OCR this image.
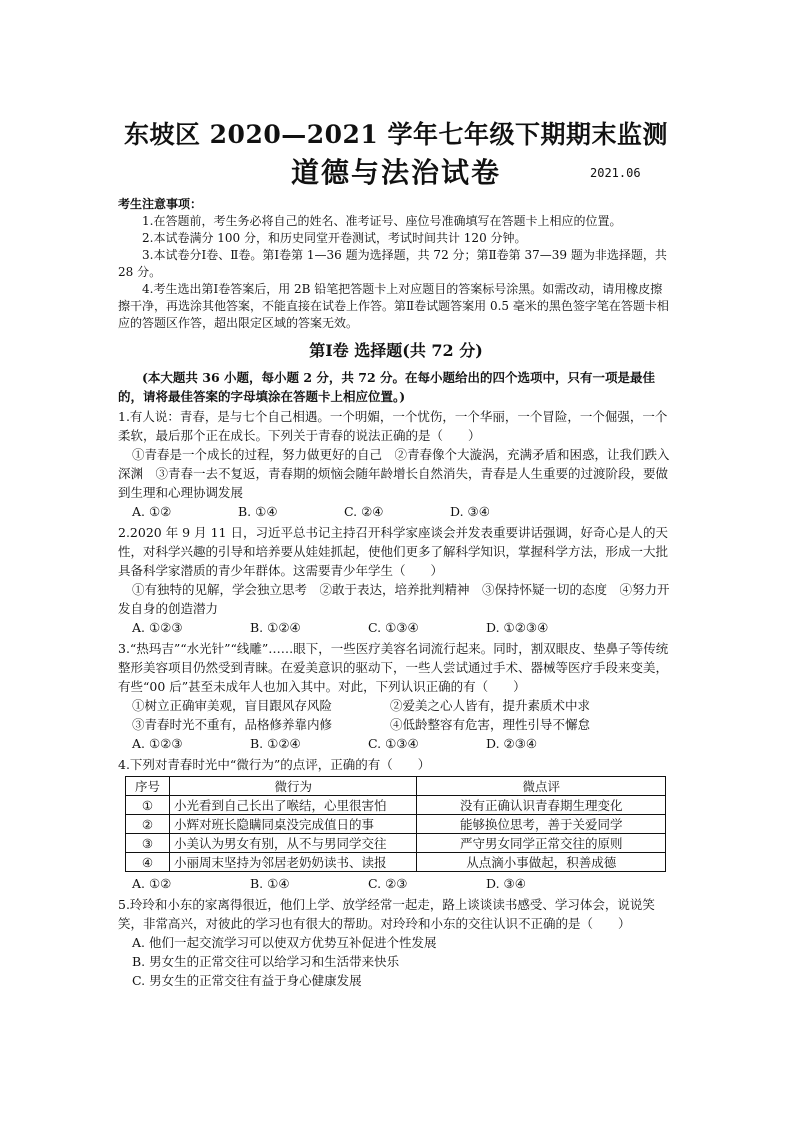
东坡区 2020—2021 学年七年级下期期末监测

道德与法治试卷	2021.06

考生注意事项：

1.在答题前，考生务必将自己的姓名、准考证号、座位号准确填写在答题卡上相应的位置。

2.本试卷满分 100 分，和历史同堂开卷测试，考试时间共计 120 分钟。

3.本试卷分Ⅰ卷、Ⅱ卷。第Ⅰ卷第 1—36 题为选择题，共 72 分；第Ⅱ卷第 37—39 题为非选择题，共 28 分。

4.考生选出第Ⅰ卷答案后，用 2B 铅笔把答题卡上对应题目的答案标号涂黑。如需改动，请用橡皮擦擦干净，再选涂其他答案，不能直接在试卷上作答。第Ⅱ卷试题答案用 0.5 毫米的黑色签字笔在答题卡相应的答题区作答，超出限定区域的答案无效。

第Ⅰ卷 选择题(共 72 分)

(本大题共 36 小题，每小题 2 分，共 72 分。在每小题给出的四个选项中，只有一项是最佳的，请将最佳答案的字母填涂在答题卡上相应位置。)

1.有人说：青春，是与七个自己相遇。一个明媚，一个忧伤，一个华丽，一个冒险，一个倔强，一个柔软，最后那个正在成长。下列关于青春的说法正确的是（　　）

①青春是一个成长的过程，努力做更好的自己　②青春像个大漩涡，充满矛盾和困惑，让我们跌入深渊　③青春一去不复返，青春期的烦恼会随年龄增长自然消失，青春是人生重要的过渡阶段，要做到生理和心理协调发展

A. ①②	B. ①④	C. ②④	D. ③④

2.2020 年 9 月 11 日，习近平总书记主持召开科学家座谈会并发表重要讲话强调，好奇心是人的天性，对科学兴趣的引导和培养要从娃娃抓起，使他们更多了解科学知识，掌握科学方法，形成一大批具备科学家潜质的青少年群体。这需要青少年学生（　　）

①有独特的见解，学会独立思考　②敢于表达，培养批判精神　③保持怀疑一切的态度　④努力开发自身的创造潜力

A. ①②③	B. ①②④	C. ①③④	D. ①②③④

3.“热玛吉”“水光针”“线雕”……眼下，一些医疗美容名词流行起来。同时，割双眼皮、垫鼻子等传统整形美容项目仍然受到青睐。在爱美意识的驱动下，一些人尝试通过手术、器械等医疗手段来变美，有些“00 后”甚至未成年人也加入其中。对此，下列认识正确的有（　　）

①树立正确审美观，盲目跟风存风险	②爱美之心人皆有，提升素质术中求
③青春时光不重有，品格修养靠内修	④低龄整容有危害，理性引导不懈怠
A. ①②③	B. ①②④	C. ①③④	D. ②③④

4.下列对青春时光中“微行为”的点评，正确的有（　　）

序号	微行为	微点评
①	小光看到自己长出了喉结，心里很害怕	没有正确认识青春期生理变化
②	小辉对班长隐瞒同桌没完成值日的事	能够换位思考，善于关爱同学
③	小美认为男女有别，从不与男同学交往	严守男女同学正常交往的原则
④	小丽周末坚持为邻居老奶奶读书、读报	从点滴小事做起，积善成德
A. ①②	B. ①④	C. ②③	D. ③④

5.玲玲和小东的家离得很近，他们上学、放学经常一起走，路上谈谈读书感受、学习体会，说说笑笑，非常高兴，对彼此的学习也有很大的帮助。对玲玲和小东的交往认识不正确的是（　　）

A. 他们一起交流学习可以使双方优势互补促进个性发展

B. 男女生的正常交往可以给学习和生活带来快乐

C. 男女生的正常交往有益于身心健康发展
